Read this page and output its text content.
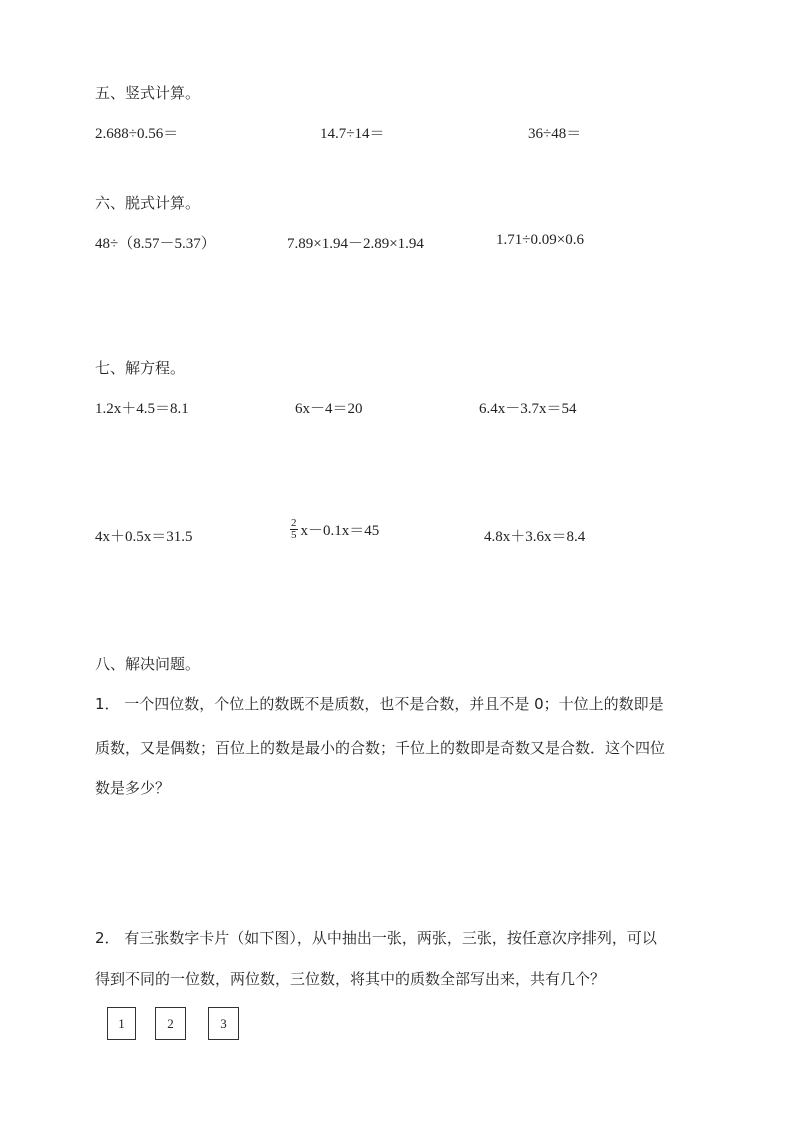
五、竖式计算。
2.688÷0.56＝	14.7÷14＝	36÷48＝
六、脱式计算。
48÷（8.57－5.37）	7.89×1.94－2.89×1.94	1.71÷0.09×0.6
七、解方程。
1.2x＋4.5＝8.1	6x－4＝20	6.4x－3.7x＝54
4x＋0.5x＝31.5	$\frac{2}{5} x-0.1x=45$	4.8x＋3.6x＝8.4
八、解决问题。
1． 一个四位数，个位上的数既不是质数，也不是合数，并且不是 0；十位上的数即是
质数，又是偶数；百位上的数是最小的合数；千位上的数即是奇数又是合数．这个四位
数是多少？
2． 有三张数字卡片（如下图），从中抽出一张，两张，三张，按任意次序排列，可以
得到不同的一位数，两位数，三位数，将其中的质数全部写出来，共有几个？
1	2	3
